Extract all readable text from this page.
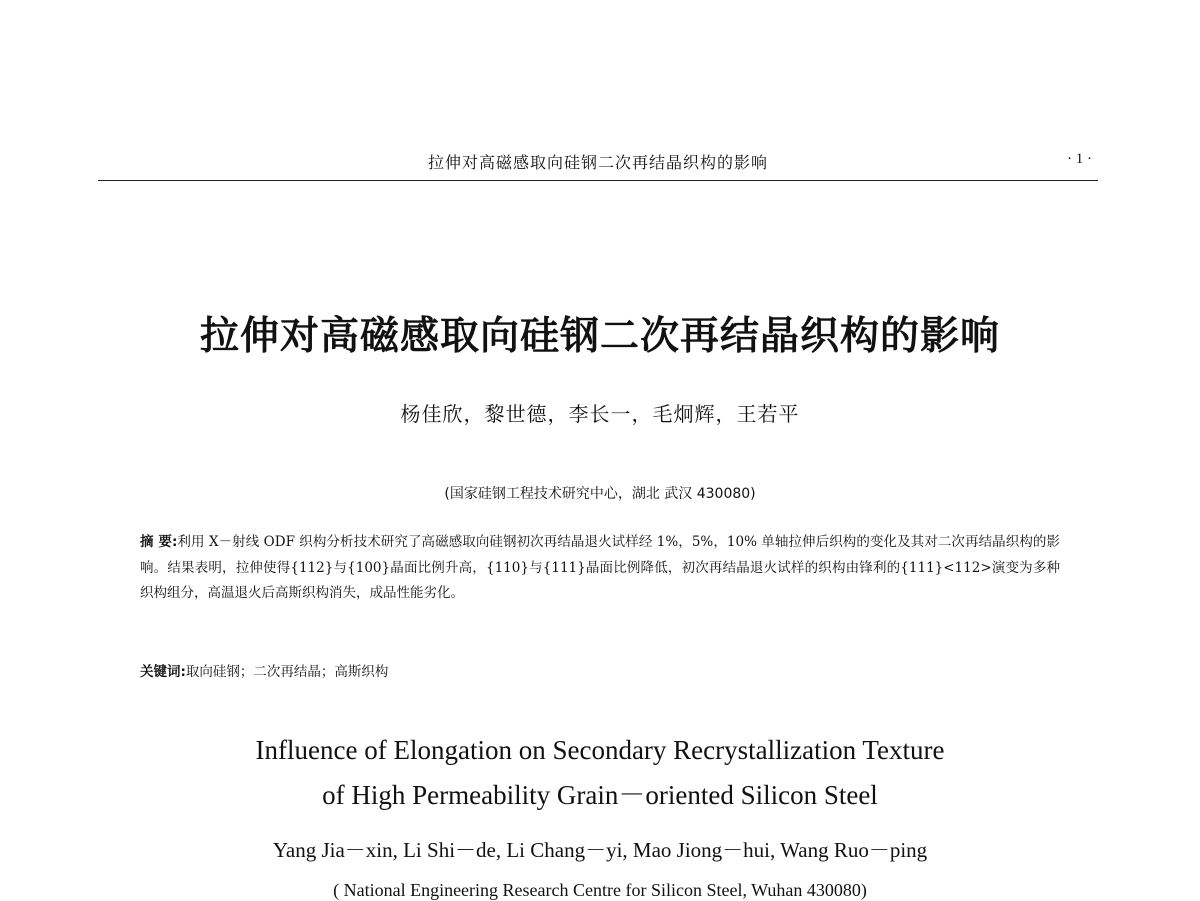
拉伸对高磁感取向硅钢二次再结晶织构的影响	· 1 ·
拉伸对高磁感取向硅钢二次再结晶织构的影响
杨佳欣，黎世德，李长一，毛炯辉，王若平
(国家硅钢工程技术研究中心，湖北 武汉 430080)
摘 要:利用 X－射线 ODF 织构分析技术研究了高磁感取向硅钢初次再结晶退火试样经 1%，5%，10% 单轴拉伸后织构的变化及其对二次再结晶织构的影响。结果表明，拉伸使得{112}与{100}晶面比例升高，{110}与{111}晶面比例降低，初次再结晶退火试样的织构由锋利的{111}<112>演变为多种织构组分，高温退火后高斯织构消失，成品性能劣化。
关键词:取向硅钢；二次再结晶；高斯织构
Influence of Elongation on Secondary Recrystallization Texture
of High Permeability Grain－oriented Silicon Steel
Yang Jia－xin, Li Shi－de, Li Chang－yi, Mao Jiong－hui, Wang Ruo－ping
( National Engineering Research Centre for Silicon Steel, Wuhan 430080)
